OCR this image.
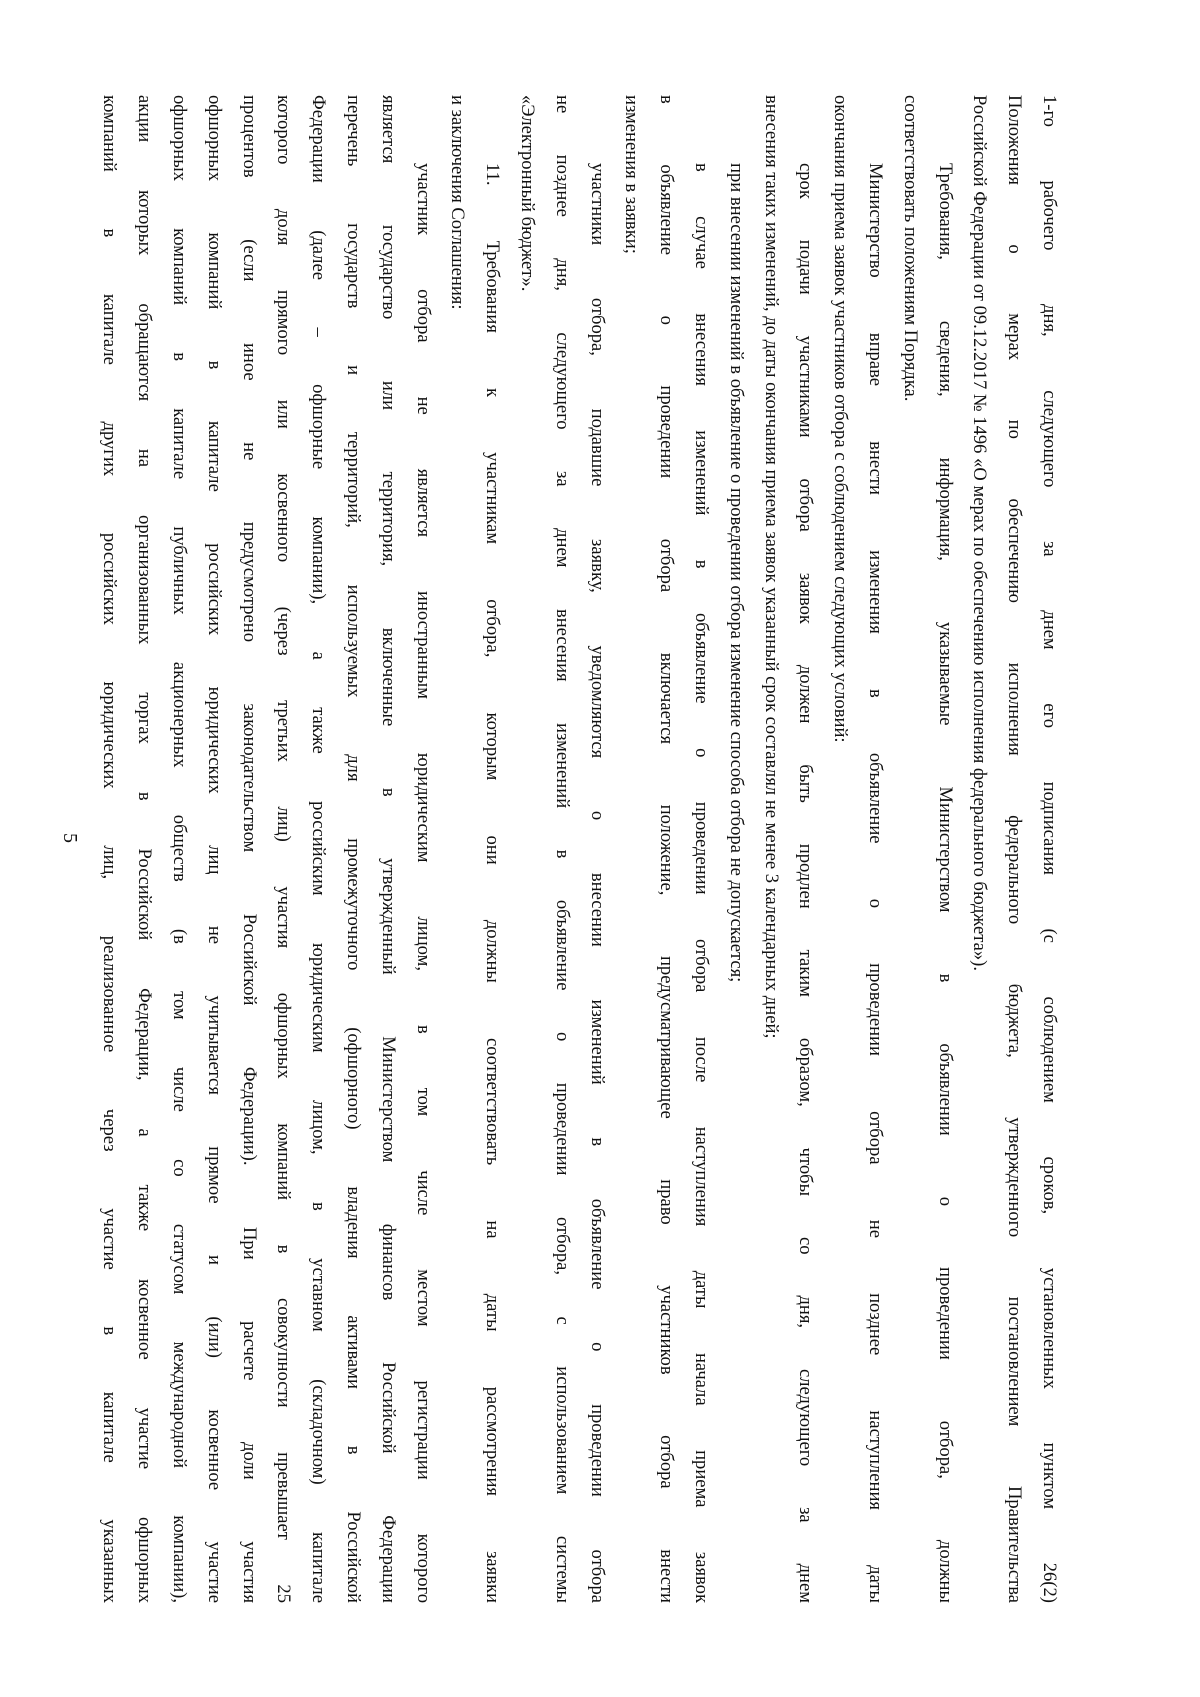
5	1-го рабочего дня, следующего за днем его подписания (с соблюдением сроков, установленных пунктом 26(2)
Положения о мерах по обеспечению исполнения федерального бюджета, утвержденного постановлением Правительства
Российской Федерации от 09.12.2017 № 1496 «О мерах по обеспечению исполнения федерального бюджета»).
Требования, сведения, информация, указываемые Министерством в объявлении о проведении отбора, должны
соответствовать положениям Порядка.
Министерство вправе внести изменения в объявление о проведении отбора не позднее наступления даты
окончания приема заявок участников отбора с соблюдением следующих условий:
срок подачи участниками отбора заявок должен быть продлен таким образом, чтобы со дня, следующего за днем
внесения таких изменений, до даты окончания приема заявок указанный срок составлял не менее 3 календарных дней;
при внесении изменений в объявление о проведении отбора изменение способа отбора не допускается;
в случае внесения изменений в объявление о проведении отбора после наступления даты начала приема заявок
в объявление о проведении отбора включается положение, предусматривающее право участников отбора внести
изменения в заявки;
участники отбора, подавшие заявку, уведомляются о внесении изменений в объявление о проведении отбора
не позднее дня, следующего за днем внесения изменений в объявление о проведении отбора, с использованием системы
«Электронный бюджет».
11. Требования к участникам отбора, которым они должны соответствовать на даты рассмотрения заявки
и заключения Соглашения:
участник отбора не является иностранным юридическим лицом, в том числе местом регистрации которого
является государство или территория, включенные в утвержденный Министерством финансов Российской Федерации
перечень государств и территорий, используемых для промежуточного (офшорного) владения активами в Российской
Федерации (далее – офшорные компании), а также российским юридическим лицом, в уставном (складочном) капитале
которого доля прямого или косвенного (через третьих лиц) участия офшорных компаний в совокупности превышает 25
процентов (если иное не предусмотрено законодательством Российской Федерации). При расчете доли участия
офшорных компаний в капитале российских юридических лиц не учитывается прямое и (или) косвенное участие
офшорных компаний в капитале публичных акционерных обществ (в том числе со статусом международной компании),
акции которых обращаются на организованных торгах в Российской Федерации, а также косвенное участие офшорных
компаний в капитале других российских юридических лиц, реализованное через участие в капитале указанных
